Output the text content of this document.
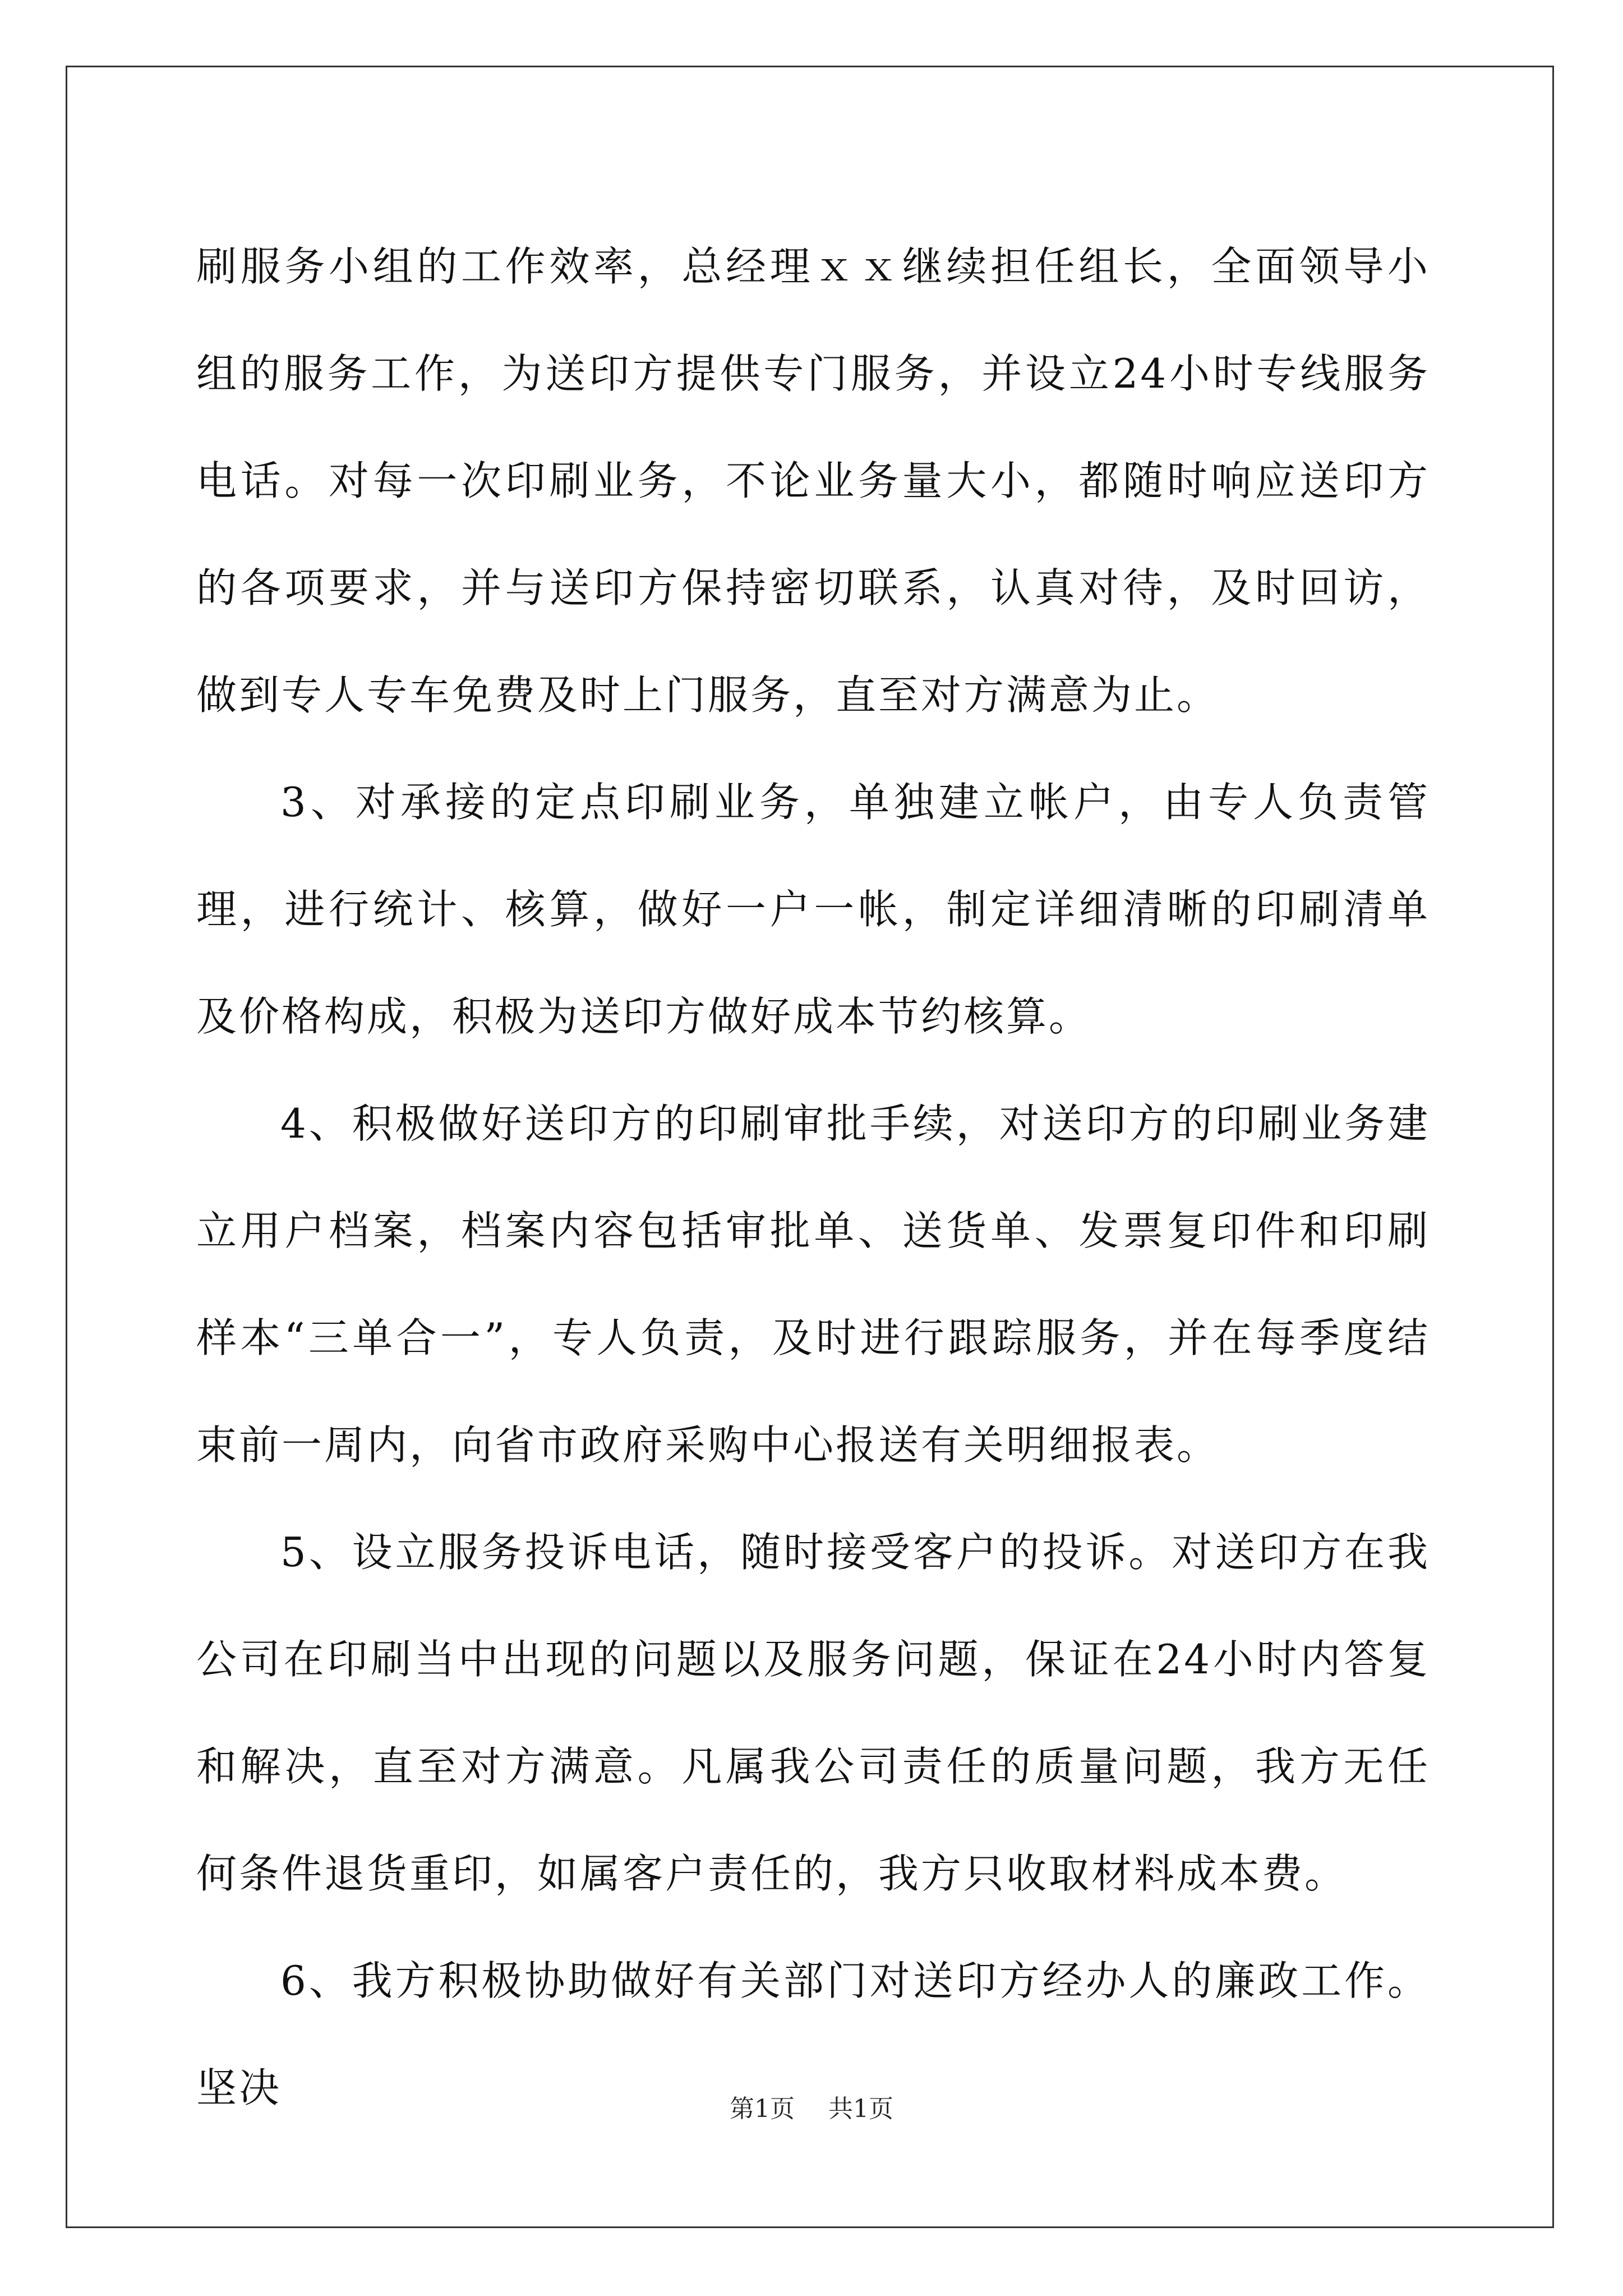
刷服务小组的工作效率，总经理ｘｘ继续担任组长，全面领导小组的服务工作，为送印方提供专门服务，并设立24小时专线服务电话。对每一次印刷业务，不论业务量大小，都随时响应送印方的各项要求，并与送印方保持密切联系，认真对待，及时回访，做到专人专车免费及时上门服务，直至对方满意为止。

3、对承接的定点印刷业务，单独建立帐户，由专人负责管理，进行统计、核算，做好一户一帐，制定详细清晰的印刷清单及价格构成，积极为送印方做好成本节约核算。

4、积极做好送印方的印刷审批手续，对送印方的印刷业务建立用户档案，档案内容包括审批单、送货单、发票复印件和印刷样本“三单合一”，专人负责，及时进行跟踪服务，并在每季度结束前一周内，向省市政府采购中心报送有关明细报表。

5、设立服务投诉电话，随时接受客户的投诉。对送印方在我公司在印刷当中出现的问题以及服务问题，保证在24小时内答复和解决，直至对方满意。凡属我公司责任的质量问题，我方无任何条件退货重印，如属客户责任的，我方只收取材料成本费。

6、我方积极协助做好有关部门对送印方经办人的廉政工作。坚决	第1页 共1页
